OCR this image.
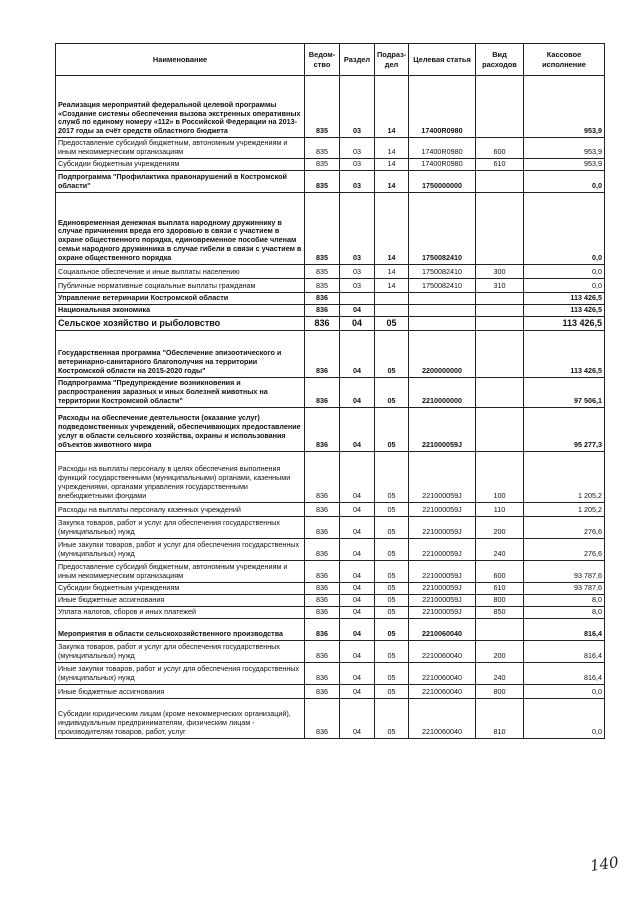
Наименование	Ведом-ство	Раздел	Подраз-дел	Целевая статья	Вид расходов	Кассовое исполнение
Реализация мероприятий федеральной целевой программы «Создание системы обеспечения вызова экстренных оперативных служб по единому номеру «112» в Российской Федерации на 2013-2017 годы за счёт средств областного бюджета	835	03	14	17400R0980		953,9
Предоставление субсидий бюджетным, автономным учреждениям и иным некоммерческим организациям	835	03	14	17400R0980	600	953,9
Субсидии бюджетным учреждениям	835	03	14	17400R0980	610	953,9
Подпрограмма "Профилактика правонарушений в Костромской области"	835	03	14	1750000000		0,0
Единовременная денежная выплата народному дружиннику в случае причинения вреда его здоровью в связи с участием в охране общественного порядка, единовременное пособие членам семьи народного дружинника в случае гибели в связи с участием в охране общественного порядка	835	03	14	1750082410		0,0
Социальное обеспечение и иные выплаты населению	835	03	14	1750082410	300	0,0
Публичные нормативные социальные выплаты гражданам	835	03	14	1750082410	310	0,0
Управление ветеринарии Костромской области	836					113 426,5
Национальная экономика	836	04				113 426,5
Сельское хозяйство и рыболовство	836	04	05			113 426,5
Государственная программа "Обеспечение эпизоотического и ветеринарно-санитарного благополучия на территории Костромской области на 2015-2020 годы"	836	04	05	2200000000		113 426,5
Подпрограмма "Предупреждение возникновения и распространения заразных и иных болезней животных на территории Костромской области"	836	04	05	2210000000		97 506,1
Расходы на обеспечение деятельности (оказание услуг) подведомственных учреждений, обеспечивающих предоставление услуг в области сельского хозяйства, охраны и использования объектов животного мира	836	04	05	221000059J		95 277,3
Расходы на выплаты персоналу в целях обеспечения выполнения функций государственными (муниципальными) органами, казенными учреждениями, органами управления государственными внебюджетными фондами	836	04	05	221000059J	100	1 205,2
Расходы на выплаты персоналу казенных учреждений	836	04	05	221000059J	110	1 205,2
Закупка товаров, работ и услуг для обеспечения государственных (муниципальных) нужд	836	04	05	221000059J	200	276,6
Иные закупки товаров, работ и услуг для обеспечения государственных (муниципальных) нужд	836	04	05	221000059J	240	276,6
Предоставление субсидий бюджетным, автономным учреждениям и иным некоммерческим организациям	836	04	05	221000059J	600	93 787,6
Субсидии бюджетным учреждениям	836	04	05	221000059J	610	93 787,6
Иные бюджетные ассигнования	836	04	05	221000059J	800	8,0
Уплата налогов, сборов и иных платежей	836	04	05	221000059J	850	8,0
Мероприятия в области сельскохозяйственного производства	836	04	05	2210060040		816,4
Закупка товаров, работ и услуг для обеспечения государственных (муниципальных) нужд	836	04	05	2210060040	200	816,4
Иные закупки товаров, работ и услуг для обеспечения государственных (муниципальных) нужд	836	04	05	2210060040	240	816,4
Иные бюджетные ассигнования	836	04	05	2210060040	800	0,0
Субсидии юридическим лицам (кроме некоммерческих организаций), индивидуальным предпринимателям, физическим лицам - производителям товаров, работ, услуг	836	04	05	2210060040	810	0,0
140
